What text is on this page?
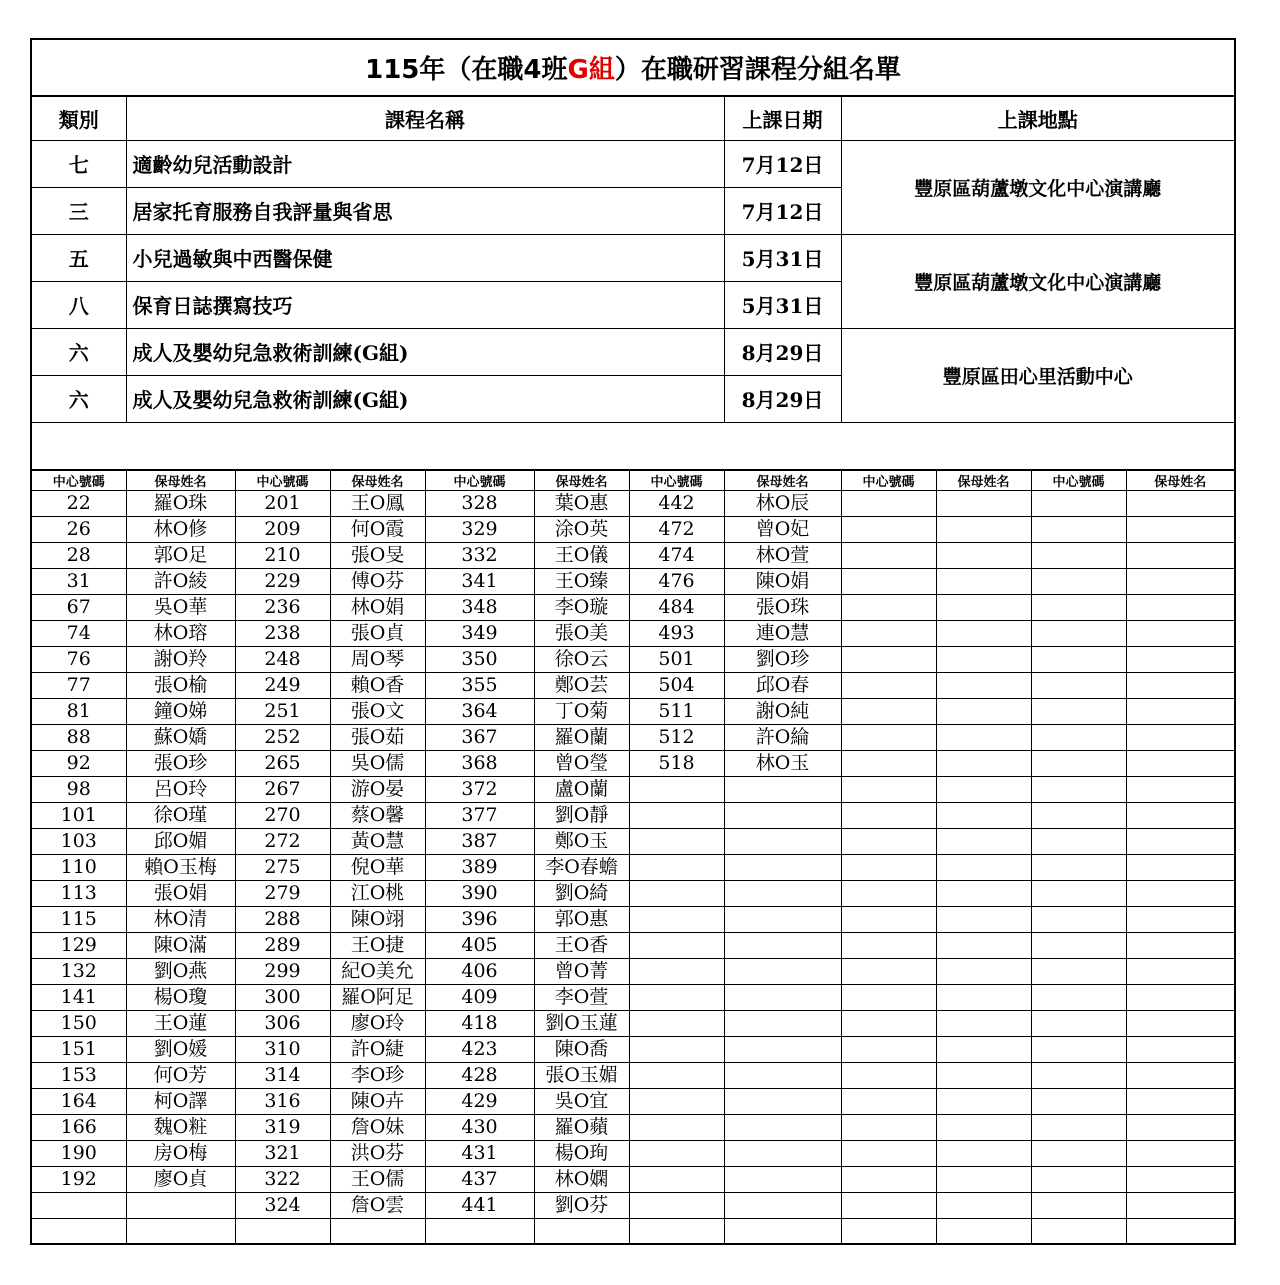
115年（在職4班G組）在職研習課程分組名單
類別	課程名稱	上課日期	上課地點
七	適齡幼兒活動設計	7月12日	豐原區葫蘆墩文化中心演講廳
三	居家托育服務自我評量與省思	7月12日	
五	小兒過敏與中西醫保健	5月31日	豐原區葫蘆墩文化中心演講廳
八	保育日誌撰寫技巧	5月31日	
六	成人及嬰幼兒急救術訓練(G組)	8月29日	豐原區田心里活動中心
六	成人及嬰幼兒急救術訓練(G組)	8月29日	

中心號碼	保母姓名	中心號碼	保母姓名	中心號碼	保母姓名	中心號碼	保母姓名	中心號碼	保母姓名	中心號碼	保母姓名
22	羅O珠	201	王O鳳	328	葉O惠	442	林O辰				
26	林O修	209	何O霞	329	涂O英	472	曾O妃				
28	郭O足	210	張O旻	332	王O儀	474	林O萱				
31	許O綾	229	傅O芬	341	王O臻	476	陳O娟				
67	吳O華	236	林O娟	348	李O璇	484	張O珠				
74	林O瑢	238	張O貞	349	張O美	493	連O慧				
76	謝O羚	248	周O琴	350	徐O云	501	劉O珍				
77	張O榆	249	賴O香	355	鄭O芸	504	邱O春				
81	鐘O娣	251	張O文	364	丁O菊	511	謝O純				
88	蘇O嬌	252	張O茹	367	羅O蘭	512	許O綸				
92	張O珍	265	吳O儒	368	曾O瑩	518	林O玉				
98	呂O玲	267	游O晏	372	盧O蘭						
101	徐O瑾	270	蔡O馨	377	劉O靜						
103	邱O媚	272	黃O慧	387	鄭O玉						
110	賴O玉梅	275	倪O華	389	李O春蟾						
113	張O娟	279	江O桃	390	劉O綺						
115	林O清	288	陳O翊	396	郭O惠						
129	陳O滿	289	王O捷	405	王O香						
132	劉O燕	299	紀O美允	406	曾O菁						
141	楊O瓊	300	羅O阿足	409	李O萱						
150	王O蓮	306	廖O玲	418	劉O玉蓮						
151	劉O媛	310	許O緁	423	陳O喬						
153	何O芳	314	李O珍	428	張O玉媚						
164	柯O譯	316	陳O卉	429	吳O宜						
166	魏O粧	319	詹O妹	430	羅O蘋						
190	房O梅	321	洪O芬	431	楊O珣						
192	廖O貞	322	王O儒	437	林O嫻						
		324	詹O雲	441	劉O芬						
